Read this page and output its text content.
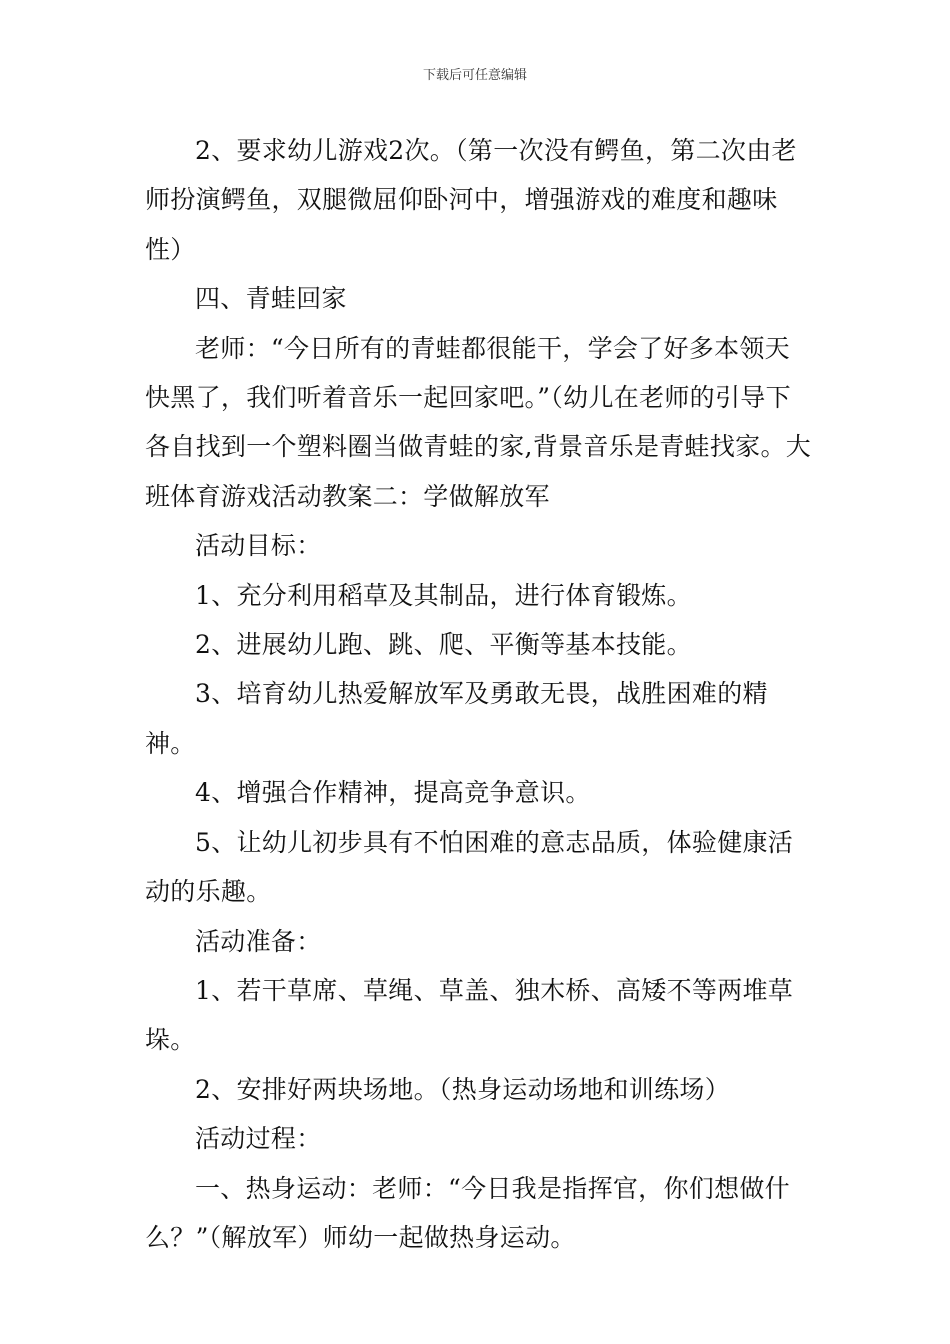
下载后可任意编辑

2、要求幼儿游戏2次。（第一次没有鳄鱼，第二次由老师扮演鳄鱼，双腿微屈仰卧河中，增强游戏的难度和趣味性）

四、青蛙回家

老师：“今日所有的青蛙都很能干，学会了好多本领天快黑了，我们听着音乐一起回家吧。”（幼儿在老师的引导下各自找到一个塑料圈当做青蛙的家,背景音乐是青蛙找家。大班体育游戏活动教案二：学做解放军

活动目标：

1、充分利用稻草及其制品，进行体育锻炼。

2、进展幼儿跑、跳、爬、平衡等基本技能。

3、培育幼儿热爱解放军及勇敢无畏，战胜困难的精神。

4、增强合作精神，提高竞争意识。

5、让幼儿初步具有不怕困难的意志品质，体验健康活动的乐趣。

活动准备：

1、若干草席、草绳、草盖、独木桥、高矮不等两堆草垛。

2、安排好两块场地。（热身运动场地和训练场）

活动过程：

一、热身运动：老师：“今日我是指挥官，你们想做什么？”（解放军）师幼一起做热身运动。
